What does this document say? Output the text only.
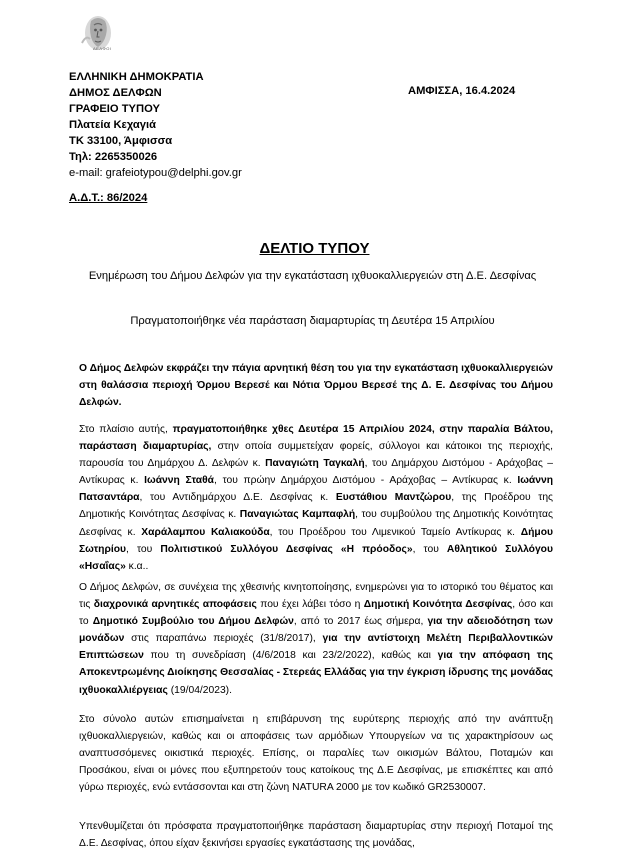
ΔΕΛΦΟΙ
ΕΛΛΗΝΙΚΗ ΔΗΜΟΚΡΑΤΙΑ
ΔΗΜΟΣ ΔΕΛΦΩΝ
ΓΡΑΦΕΙΟ ΤΥΠΟΥ
Πλατεία Κεχαγιά
ΤΚ 33100, Άμφισσα
Τηλ: 2265350026
e-mail: grafeiotypou@delphi.gov.gr
ΑΜΦΙΣΣΑ, 16.4.2024
Α.Δ.Τ.: 86/2024
ΔΕΛΤΙΟ ΤΥΠΟΥ
Ενημέρωση του Δήμου Δελφών για την εγκατάσταση ιχθυοκαλλιεργειών στη Δ.Ε. Δεσφίνας
Πραγματοποιήθηκε νέα παράσταση διαμαρτυρίας τη Δευτέρα 15 Απριλίου
Ο Δήμος Δελφών εκφράζει την πάγια αρνητική θέση του για την εγκατάσταση ιχθυοκαλλιεργειών στη θαλάσσια περιοχή Όρμου Βερεσέ και Νότια Όρμου Βερεσέ της Δ. Ε. Δεσφίνας του Δήμου Δελφών.
Στο πλαίσιο αυτής, πραγματοποιήθηκε χθες Δευτέρα 15 Απριλίου 2024, στην παραλία Βάλτου, παράσταση διαμαρτυρίας, στην οποία συμμετείχαν φορείς, σύλλογοι και κάτοικοι της περιοχής, παρουσία του Δημάρχου Δ. Δελφών κ. Παναγιώτη Ταγκαλή, του Δημάρχου Διστόμου - Αράχοβας – Αντίκυρας κ. Ιωάννη Σταθά, του πρώην Δημάρχου Διστόμου - Αράχοβας – Αντίκυρας κ. Ιωάννη Πατσαντάρα, του Αντιδημάρχου Δ.Ε. Δεσφίνας κ. Ευστάθιου Μαντζώρου, της Προέδρου της Δημοτικής Κοινότητας Δεσφίνας κ. Παναγιώτας Καμπαφλή, του συμβούλου της Δημοτικής Κοινότητας Δεσφίνας κ. Χαράλαμπου Καλιακούδα, του Προέδρου του Λιμενικού Ταμείο Αντίκυρας κ. Δήμου Σωτηρίου, του Πολιτιστικού Συλλόγου Δεσφίνας «Η πρόοδος», του Αθλητικού Συλλόγου «Ησαΐας» κ.α..
Ο Δήμος Δελφών, σε συνέχεια της χθεσινής κινητοποίησης, ενημερώνει για το ιστορικό του θέματος και τις διαχρονικά αρνητικές αποφάσεις που έχει λάβει τόσο η Δημοτική Κοινότητα Δεσφίνας, όσο και το Δημοτικό Συμβούλιο του Δήμου Δελφών, από το 2017 έως σήμερα, για την αδειοδότηση των μονάδων στις παραπάνω περιοχές (31/8/2017), για την αντίστοιχη Μελέτη Περιβαλλοντικών Επιπτώσεων που τη συνεδρίαση (4/6/2018 και 23/2/2022), καθώς και για την απόφαση της Αποκεντρωμένης Διοίκησης Θεσσαλίας - Στερεάς Ελλάδας για την έγκριση ίδρυσης της μονάδας ιχθυοκαλλιέργειας (19/04/2023).
Στο σύνολο αυτών επισημαίνεται η επιβάρυνση της ευρύτερης περιοχής από την ανάπτυξη ιχθυοκαλλιεργειών, καθώς και οι αποφάσεις των αρμόδιων Υπουργείων να τις χαρακτηρίσουν ως αναπτυσσόμενες οικιστικά περιοχές. Επίσης, οι παραλίες των οικισμών Βάλτου, Ποταμών και Προσάκου, είναι οι μόνες που εξυπηρετούν τους κατοίκους της Δ.Ε Δεσφίνας, με επισκέπτες και από γύρω περιοχές, ενώ εντάσσονται και στη ζώνη NATURA 2000 με τον κωδικό GR2530007.
Υπενθυμίζεται ότι πρόσφατα πραγματοποιήθηκε παράσταση διαμαρτυρίας στην περιοχή Ποταμοί της Δ.Ε. Δεσφίνας, όπου είχαν ξεκινήσει εργασίες εγκατάστασης της μονάδας,
